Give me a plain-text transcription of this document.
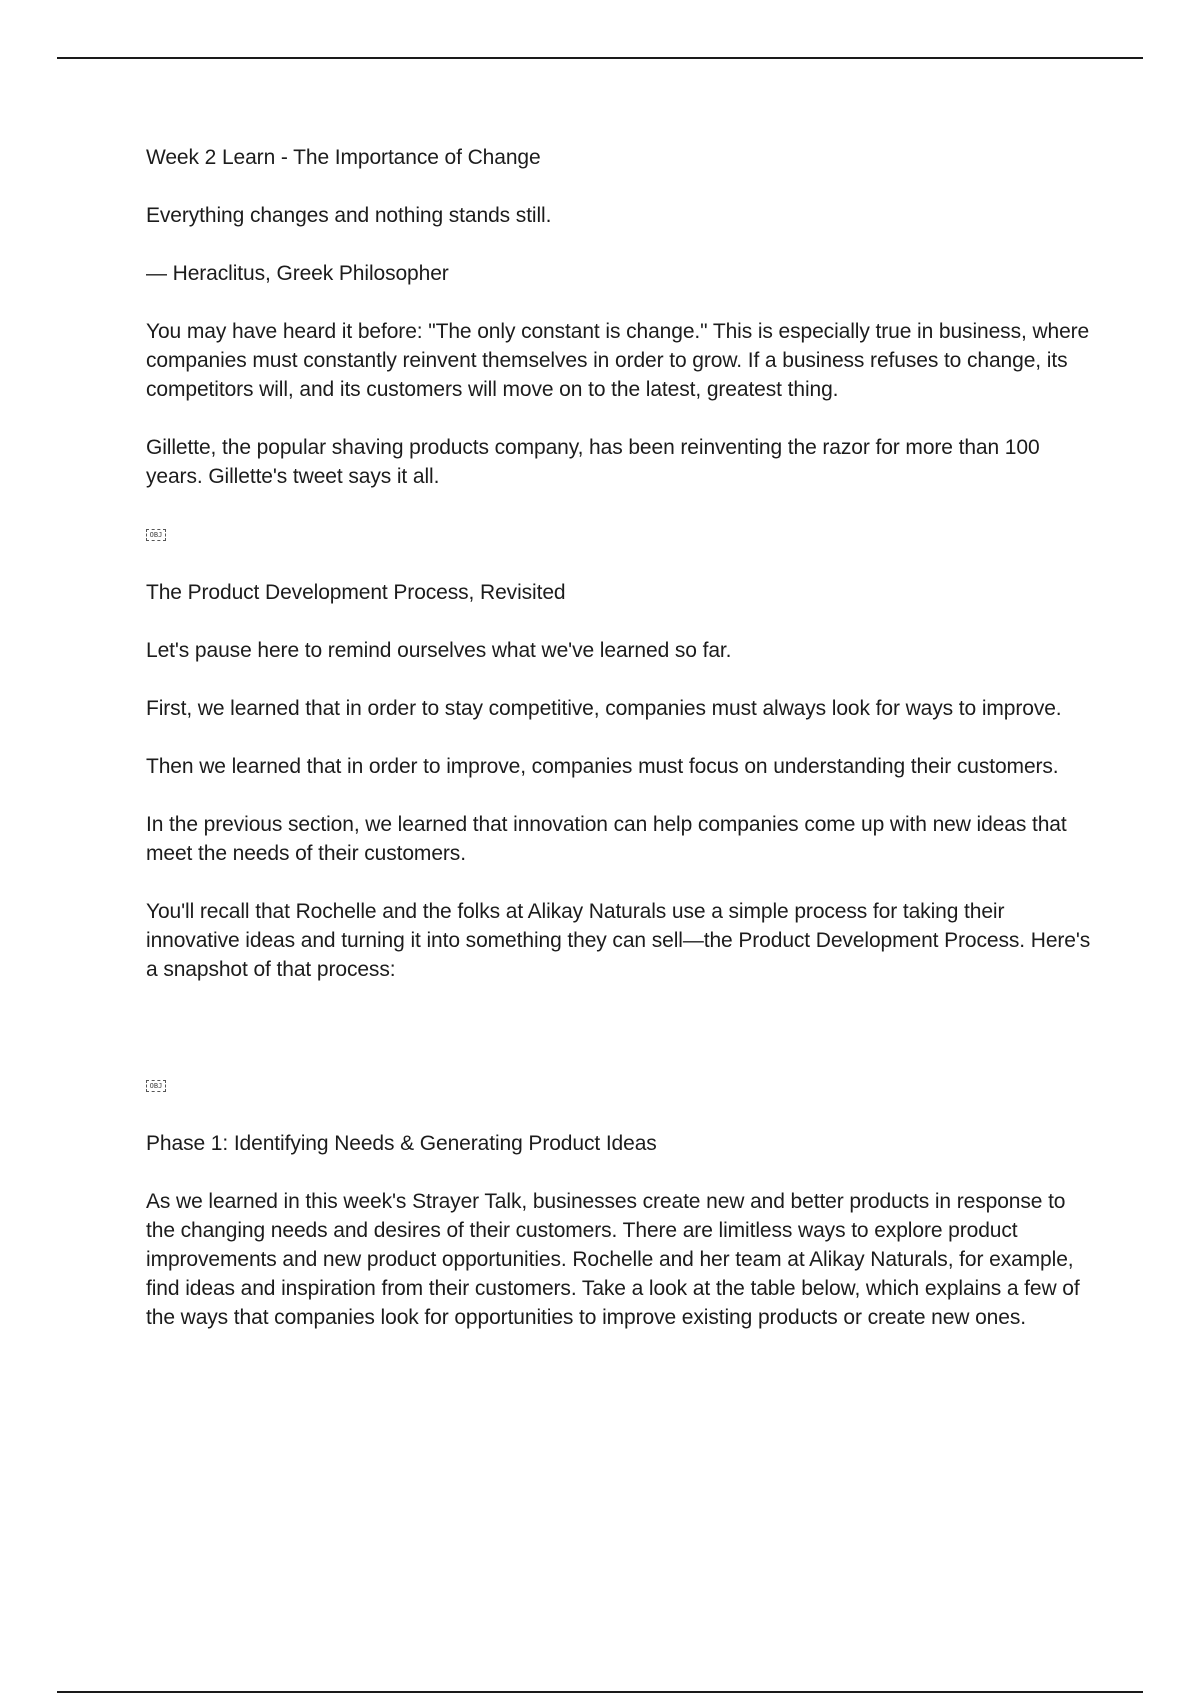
Week 2 Learn - The Importance of Change

Everything changes and nothing stands still.

— Heraclitus, Greek Philosopher

You may have heard it before: "The only constant is change." This is especially true in business, where companies must constantly reinvent themselves in order to grow. If a business refuses to change, its competitors will, and its customers will move on to the latest, greatest thing.

Gillette, the popular shaving products company, has been reinventing the razor for more than 100 years. Gillette's tweet says it all.

OBJ

The Product Development Process, Revisited

Let's pause here to remind ourselves what we've learned so far.

First, we learned that in order to stay competitive, companies must always look for ways to improve.

Then we learned that in order to improve, companies must focus on understanding their customers.

In the previous section, we learned that innovation can help companies come up with new ideas that meet the needs of their customers.

You'll recall that Rochelle and the folks at Alikay Naturals use a simple process for taking their innovative ideas and turning it into something they can sell—the Product Development Process. Here's a snapshot of that process:

OBJ

Phase 1: Identifying Needs & Generating Product Ideas

As we learned in this week's Strayer Talk, businesses create new and better products in response to the changing needs and desires of their customers. There are limitless ways to explore product improvements and new product opportunities. Rochelle and her team at Alikay Naturals, for example, find ideas and inspiration from their customers. Take a look at the table below, which explains a few of the ways that companies look for opportunities to improve existing products or create new ones.
